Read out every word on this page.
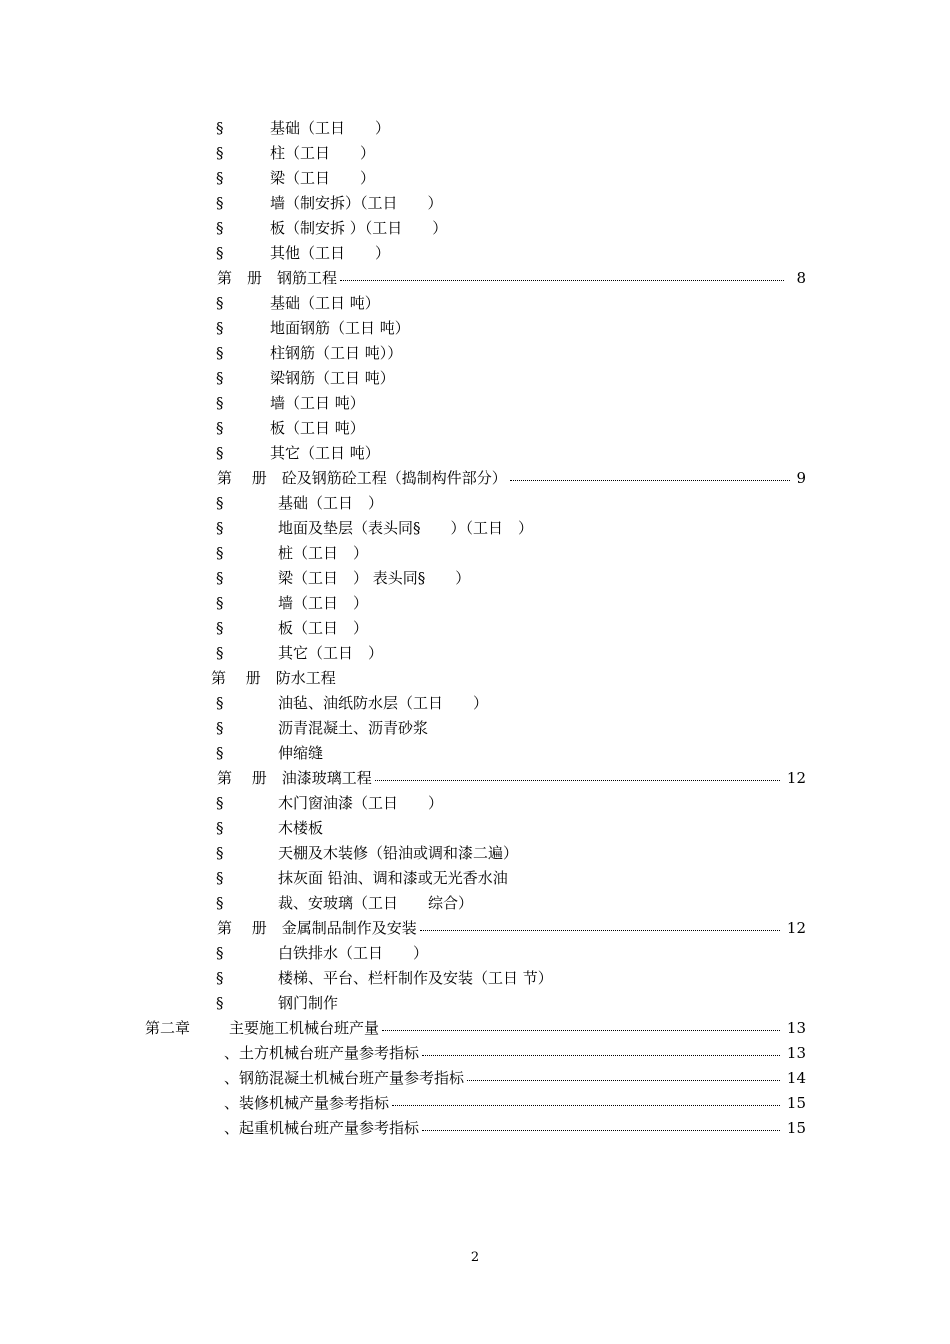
§	基础（工日　　）
§	柱（工日　　）
§	梁（工日　　）
§	墙（制安拆）（工日　　）
§	板（制安拆 ）（工日　　）
§	其他（工日　　）
第　册　钢筋工程	8
§	基础（工日 吨）
§	地面钢筋（工日 吨）
§	柱钢筋（工日 吨））
§	梁钢筋（工日 吨）
§	墙（工日 吨）
§	板（工日 吨）
§	其它（工日 吨）
第　 册　砼及钢筋砼工程（捣制构件部分）	9
§	基础（工日　）
§	地面及垫层（表头同§　　）（工日　）
§	桩（工日　）
§	梁（工日　） 表头同§　　）
§	墙（工日　）
§	板（工日　）
§	其它（工日　）
第　 册　防水工程
§	油毡、油纸防水层（工日　　）
§	沥青混凝土、沥青砂浆
§	伸缩缝
第　 册　油漆玻璃工程	12
§	木门窗油漆（工日　　）
§	木楼板
§	天棚及木装修（铅油或调和漆二遍）
§	抹灰面 铅油、调和漆或无光香水油
§	裁、安玻璃（工日　　综合）
第　 册　金属制品制作及安装	12
§	白铁排水（工日　　）
§	楼梯、平台、栏杆制作及安装（工日 节）
§	钢门制作
第二章	主要施工机械台班产量	13
、土方机械台班产量参考指标	13
、钢筋混凝土机械台班产量参考指标	14
、装修机械产量参考指标	15
、起重机械台班产量参考指标	15
2
